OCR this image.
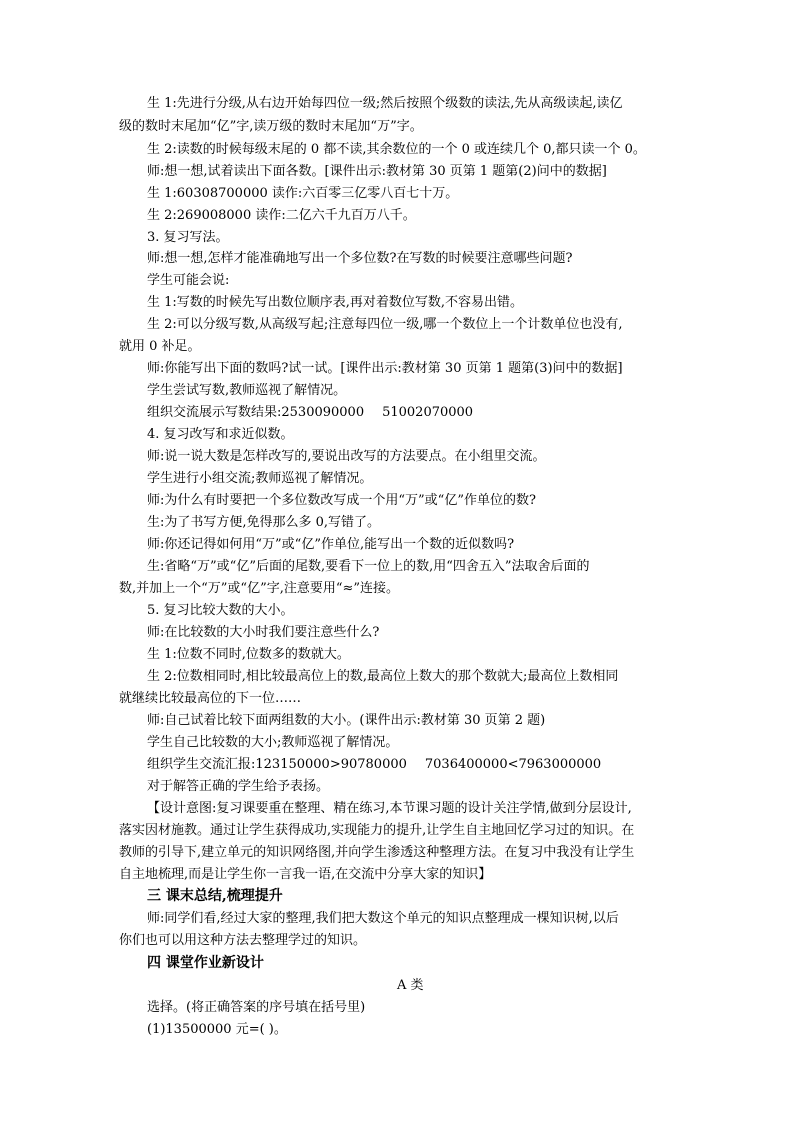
生 1:先进行分级,从右边开始每四位一级;然后按照个级数的读法,先从高级读起,读亿
级的数时末尾加“亿”字,读万级的数时末尾加“万”字。
生 2:读数的时候每级末尾的 0 都不读,其余数位的一个 0 或连续几个 0,都只读一个 0。
师:想一想,试着读出下面各数。[课件出示:教材第 30 页第 1 题第(2)问中的数据]
生 1:60308700000 读作:六百零三亿零八百七十万。
生 2:269008000 读作:二亿六千九百万八千。
3. 复习写法。
师:想一想,怎样才能准确地写出一个多位数?在写数的时候要注意哪些问题?
学生可能会说:
生 1:写数的时候先写出数位顺序表,再对着数位写数,不容易出错。
生 2:可以分级写数,从高级写起;注意每四位一级,哪一个数位上一个计数单位也没有,
就用 0 补足。
师:你能写出下面的数吗?试一试。[课件出示:教材第 30 页第 1 题第(3)问中的数据]
学生尝试写数,教师巡视了解情况。
组织交流展示写数结果:2530090000 51002070000
4. 复习改写和求近似数。
师:说一说大数是怎样改写的,要说出改写的方法要点。在小组里交流。
学生进行小组交流;教师巡视了解情况。
师:为什么有时要把一个多位数改写成一个用“万”或“亿”作单位的数?
生:为了书写方便,免得那么多 0,写错了。
师:你还记得如何用“万”或“亿”作单位,能写出一个数的近似数吗?
生:省略“万”或“亿”后面的尾数,要看下一位上的数,用“四舍五入”法取舍后面的
数,并加上一个“万”或“亿”字,注意要用“≈”连接。
5. 复习比较大数的大小。
师:在比较数的大小时我们要注意些什么?
生 1:位数不同时,位数多的数就大。
生 2:位数相同时,相比较最高位上的数,最高位上数大的那个数就大;最高位上数相同
就继续比较最高位的下一位……
师:自己试着比较下面两组数的大小。(课件出示:教材第 30 页第 2 题)
学生自己比较数的大小;教师巡视了解情况。
组织学生交流汇报:123150000>90780000 7036400000<7963000000
对于解答正确的学生给予表扬。
【设计意图:复习课要重在整理、精在练习,本节课习题的设计关注学情,做到分层设计,
落实因材施教。通过让学生获得成功,实现能力的提升,让学生自主地回忆学习过的知识。在
教师的引导下,建立单元的知识网络图,并向学生渗透这种整理方法。在复习中我没有让学生
自主地梳理,而是让学生你一言我一语,在交流中分享大家的知识】
三 课末总结,梳理提升
师:同学们看,经过大家的整理,我们把大数这个单元的知识点整理成一棵知识树,以后
你们也可以用这种方法去整理学过的知识。
四 课堂作业新设计
A 类
选择。(将正确答案的序号填在括号里)
(1)13500000 元=( )。
